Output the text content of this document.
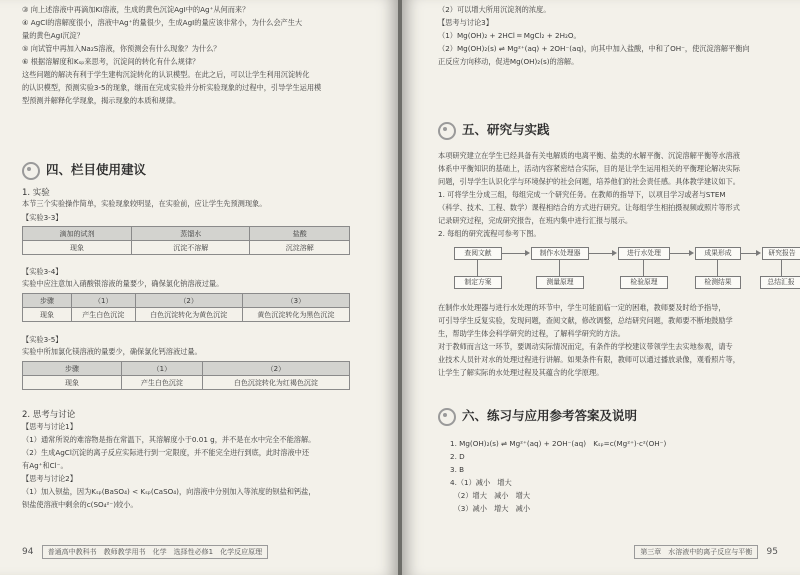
③ 向上述溶液中再滴加KI溶液，生成的黄色沉淀AgI中的Ag⁺从何而来？
④ AgCl的溶解度很小，溶液中Ag⁺的量很少，生成AgI的量应该非常小，为什么会产生大
量的黄色AgI沉淀？
⑤ 向试管中再加入Na₂S溶液，你预测会有什么现象？为什么？
⑥ 根据溶解度和Kₛₚ来思考，沉淀间的转化有什么规律？
这些问题的解决有利于学生建构沉淀转化的认识模型。在此之后，可以让学生利用沉淀转化
的认识模型，预测实验3-5的现象，继而在完成实验并分析实验现象的过程中，引导学生运用模
型预测并解释化学现象，揭示现象的本质和规律。
四、栏目使用建议
1. 实验
本节三个实验操作简单，实验现象较明显，在实验前，应让学生先预测现象。
【实验3-3】
滴加的试剂	蒸馏水	盐酸
现象	沉淀不溶解	沉淀溶解
【实验3-4】
实验中应注意加入硝酸银溶液的量要少，确保氯化钠溶液过量。
步骤	（1）	（2）	（3）
现象	产生白色沉淀	白色沉淀转化为黄色沉淀	黄色沉淀转化为黑色沉淀
【实验3-5】
实验中所加氯化镁溶液的量要少，确保氯化钙溶液过量。
步骤	（1）	（2）
现象	产生白色沉淀	白色沉淀转化为红褐色沉淀
2. 思考与讨论
【思考与讨论1】
（1）通常所说的难溶物是指在常温下，其溶解度小于0.01 g，并不是在水中完全不能溶解。
（2）生成AgCl沉淀的离子反应实际进行到一定限度，并不能完全进行到底，此时溶液中还
有Ag⁺和Cl⁻。
【思考与讨论2】
（1）加入钡盐，因为Kₛₚ(BaSO₄) < Kₛₚ(CaSO₄)，向溶液中分别加入等浓度的钡盐和钙盐，
钡盐使溶液中剩余的c(SO₄²⁻)较小。
94 普通高中教科书　教师教学用书　化学　选择性必修1　化学反应原理
（2）可以增大所用沉淀剂的浓度。
【思考与讨论3】
（1）Mg(OH)₂ + 2HCl ═ MgCl₂ + 2H₂O。
（2）Mg(OH)₂(s) ⇌ Mg²⁺(aq) + 2OH⁻(aq)，向其中加入盐酸，中和了OH⁻，使沉淀溶解平衡向
正反应方向移动，促进Mg(OH)₂(s)的溶解。
五、研究与实践
本项研究建立在学生已经具备有关电解质的电离平衡、盐类的水解平衡、沉淀溶解平衡等水溶液
体系中平衡知识的基础上，活动内容紧密结合实际，目的是让学生运用相关的平衡理论解决实际
问题，引导学生认识化学与环境保护的社会问题，培养他们的社会责任感。具体教学建议如下。
1. 可将学生分成三组，每组完成一个研究任务。在教师的指导下，以项目学习或者与STEM
（科学、技术、工程、数学）课程相结合的方式进行研究。让每组学生相拍摄视频或照片等形式
记录研究过程，完成研究报告，在班内集中进行汇报与展示。
2. 每组的研究流程可参考下图。
查阅文献	制作水处理器	进行水处理	成果形成	研究报告
制定方案	测量原理	检验原理	检测结果	总结汇报
在制作水处理器与进行水处理的环节中，学生可能面临一定的困难，教师要及时给予指导，
可引导学生反复实验，发现问题，查阅文献，修改调整，总结研究问题，教师要不断地鼓励学
生，帮助学生体会科学研究的过程，了解科学研究的方法。
对于教师而言这一环节，要调动实际情况而定，有条件的学校建议带领学生去实地参观，请专
业技术人员针对水的处理过程进行讲解。如果条件有限，教师可以通过播放录像，观看照片等，
让学生了解实际的水处理过程及其蕴含的化学原理。
六、练习与应用参考答案及说明
1. Mg(OH)₂(s) ⇌ Mg²⁺(aq) + 2OH⁻(aq)　Kₛₚ=c(Mg²⁺)·c²(OH⁻)
2. D
3. B
4.（1）减小　增大
　（2）增大　减小　增大
　（3）减小　增大　减小
第三章　水溶液中的离子反应与平衡 95
